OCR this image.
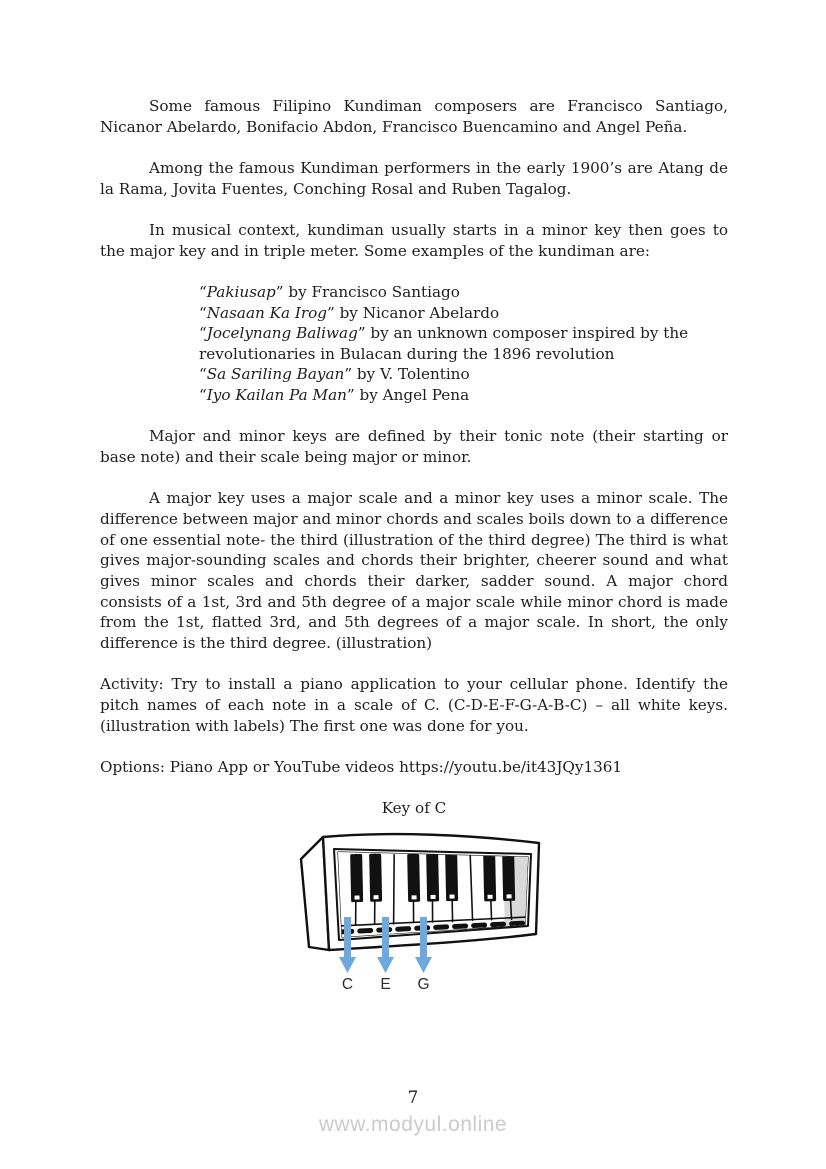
Some famous Filipino Kundiman composers are Francisco Santiago, Nicanor Abelardo, Bonifacio Abdon, Francisco Buencamino and Angel Peña.

Among the famous Kundiman performers in the early 1900’s are Atang de la Rama, Jovita Fuentes, Conching Rosal and Ruben Tagalog.

In musical context, kundiman usually starts in a minor key then goes to the major key and in triple meter. Some examples of the kundiman are:

“Pakiusap” by Francisco Santiago
“Nasaan Ka Irog” by Nicanor Abelardo
“Jocelynang Baliwag” by an unknown composer inspired by the revolutionaries in Bulacan during the 1896 revolution
“Sa Sariling Bayan” by V. Tolentino
“Iyo Kailan Pa Man” by Angel Pena

Major and minor keys are defined by their tonic note (their starting or base note) and their scale being major or minor.

A major key uses a major scale and a minor key uses a minor scale. The difference between major and minor chords and scales boils down to a difference of one essential note- the third (illustration of the third degree) The third is what gives major-sounding scales and chords their brighter, cheerer sound and what gives minor scales and chords their darker, sadder sound. A major chord consists of a 1st, 3rd and 5th degree of a major scale while minor chord is made from the 1st, flatted 3rd, and 5th degrees of a major scale. In short, the only difference is the third degree. (illustration)

Activity: Try to install a piano application to your cellular phone. Identify the pitch names of each note in a scale of C. (C-D-E-F-G-A-B-C) – all white keys. (illustration with labels) The first one was done for you.

Options: Piano App or YouTube videos https://youtu.be/it43JQy1361

Key of C

C E G
7
www.modyul.online
